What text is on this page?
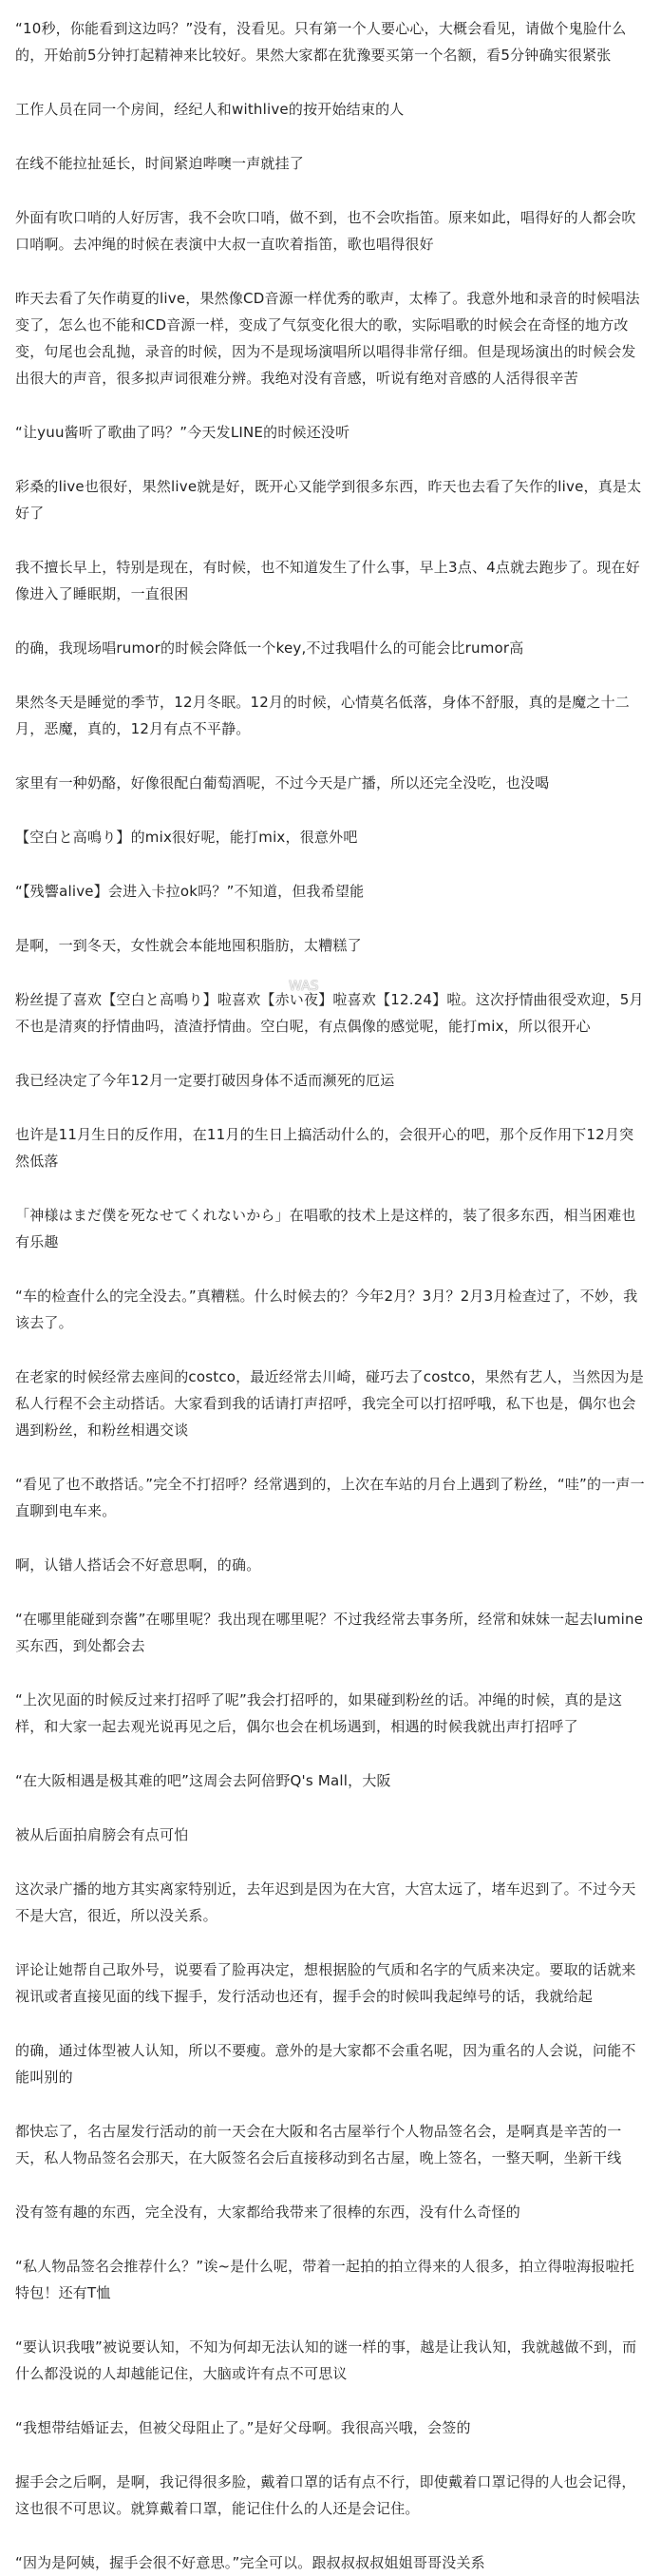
“10秒，你能看到这边吗？”没有，没看见。只有第一个人要心心，大概会看见，请做个鬼脸什么的，开始前5分钟打起精神来比较好。果然大家都在犹豫要买第一个名额，看5分钟确实很紧张

工作人员在同一个房间，经纪人和withlive的按开始结束的人

在线不能拉扯延长，时间紧迫哔噢一声就挂了

外面有吹口哨的人好厉害，我不会吹口哨，做不到，也不会吹指笛。原来如此，唱得好的人都会吹口哨啊。去冲绳的时候在表演中大叔一直吹着指笛，歌也唱得很好

昨天去看了矢作萌夏的live，果然像CD音源一样优秀的歌声，太棒了。我意外地和录音的时候唱法变了，怎么也不能和CD音源一样，变成了气氛变化很大的歌，实际唱歌的时候会在奇怪的地方改变，句尾也会乱抛，录音的时候，因为不是现场演唱所以唱得非常仔细。但是现场演出的时候会发出很大的声音，很多拟声词很难分辨。我绝对没有音感，听说有绝对音感的人活得很辛苦

“让yuu酱听了歌曲了吗？”今天发LINE的时候还没听

彩桑的live也很好，果然live就是好，既开心又能学到很多东西，昨天也去看了矢作的live，真是太好了

我不擅长早上，特别是现在，有时候，也不知道发生了什么事，早上3点、4点就去跑步了。现在好像进入了睡眠期，一直很困

的确，我现场唱rumor的时候会降低一个key,不过我唱什么的可能会比rumor高

果然冬天是睡觉的季节，12月冬眠。12月的时候，心情莫名低落，身体不舒服，真的是魔之十二月，恶魔，真的，12月有点不平静。

家里有一种奶酪，好像很配白葡萄酒呢，不过今天是广播，所以还完全没吃，也没喝

【空白と高鳴り】的mix很好呢，能打mix，很意外吧

“【残響alive】会进入卡拉ok吗？”不知道，但我希望能

是啊，一到冬天，女性就会本能地囤积脂肪，太糟糕了

粉丝提了喜欢【空白と高鳴り】啦喜欢【赤い夜】啦喜欢【12.24】啦。这次抒情曲很受欢迎，5月不也是清爽的抒情曲吗，渣渣抒情曲。空白呢，有点偶像的感觉呢，能打mix，所以很开心

我已经决定了今年12月一定要打破因身体不适而濒死的厄运

也许是11月生日的反作用，在11月的生日上搞活动什么的，会很开心的吧，那个反作用下12月突然低落

「神様はまだ僕を死なせてくれないから」在唱歌的技术上是这样的，装了很多东西，相当困难也有乐趣

“车的检查什么的完全没去。”真糟糕。什么时候去的？今年2月？3月？2月3月检查过了，不妙，我该去了。

在老家的时候经常去座间的costco，最近经常去川崎，碰巧去了costco，果然有艺人，当然因为是私人行程不会主动搭话。大家看到我的话请打声招呼，我完全可以打招呼哦，私下也是，偶尔也会遇到粉丝，和粉丝相遇交谈

“看见了也不敢搭话。”完全不打招呼？经常遇到的，上次在车站的月台上遇到了粉丝，“哇”的一声一直聊到电车来。

啊，认错人搭话会不好意思啊，的确。

“在哪里能碰到奈酱”在哪里呢？我出现在哪里呢？不过我经常去事务所，经常和妹妹一起去lumine买东西，到处都会去

“上次见面的时候反过来打招呼了呢”我会打招呼的，如果碰到粉丝的话。冲绳的时候，真的是这样，和大家一起去观光说再见之后，偶尔也会在机场遇到，相遇的时候我就出声打招呼了

“在大阪相遇是极其难的吧”这周会去阿倍野Q's Mall，大阪

被从后面拍肩膀会有点可怕

这次录广播的地方其实离家特别近，去年迟到是因为在大宫，大宫太远了，堵车迟到了。不过今天不是大宫，很近，所以没关系。

评论让她帮自己取外号，说要看了脸再决定，想根据脸的气质和名字的气质来决定。要取的话就来视讯或者直接见面的线下握手，发行活动也还有，握手会的时候叫我起绰号的话，我就给起

的确，通过体型被人认知，所以不要瘦。意外的是大家都不会重名呢，因为重名的人会说，问能不能叫别的

都快忘了，名古屋发行活动的前一天会在大阪和名古屋举行个人物品签名会，是啊真是辛苦的一天，私人物品签名会那天，在大阪签名会后直接移动到名古屋，晚上签名，一整天啊，坐新干线

没有签有趣的东西，完全没有，大家都给我带来了很棒的东西，没有什么奇怪的

“私人物品签名会推荐什么？”诶~是什么呢，带着一起拍的拍立得来的人很多，拍立得啦海报啦托特包！还有T恤

“要认识我哦”被说要认知，不知为何却无法认知的谜一样的事，越是让我认知，我就越做不到，而什么都没说的人却越能记住，大脑或许有点不可思议

“我想带结婚证去，但被父母阻止了。”是好父母啊。我很高兴哦，会签的

握手会之后啊，是啊，我记得很多脸，戴着口罩的话有点不行，即使戴着口罩记得的人也会记得，这也很不可思议。就算戴着口罩，能记住什么的人还是会记住。

“因为是阿姨，握手会很不好意思。”完全可以。跟叔叔叔叔姐姐哥哥没关系

WAS
